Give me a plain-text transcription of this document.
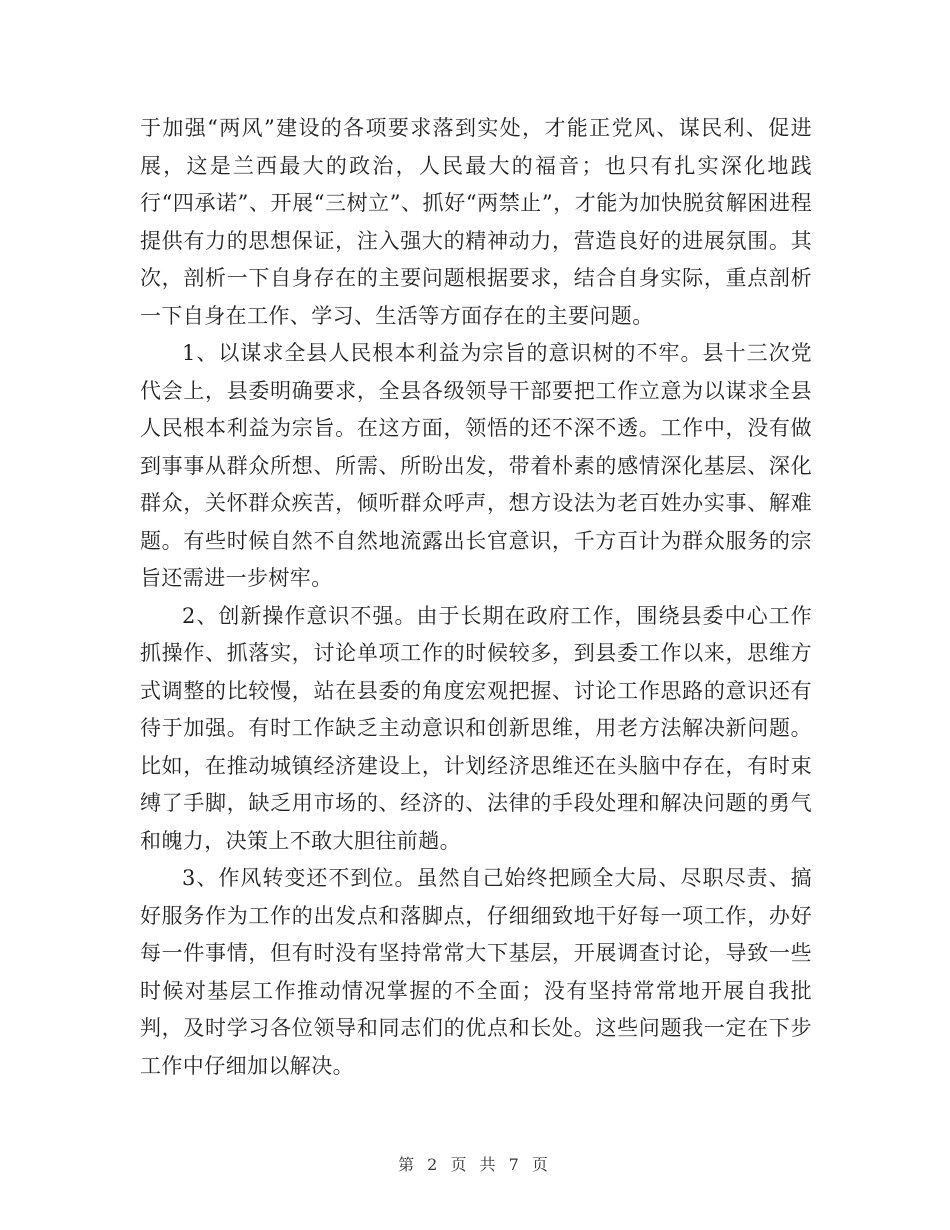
于加强“两风”建设的各项要求落到实处，才能正党风、谋民利、促进展，这是兰西最大的政治，人民最大的福音；也只有扎实深化地践行“四承诺”、开展“三树立”、抓好“两禁止”，才能为加快脱贫解困进程提供有力的思想保证，注入强大的精神动力，营造良好的进展氛围。其次，剖析一下自身存在的主要问题根据要求，结合自身实际，重点剖析一下自身在工作、学习、生活等方面存在的主要问题。

1、以谋求全县人民根本利益为宗旨的意识树的不牢。县十三次党代会上，县委明确要求，全县各级领导干部要把工作立意为以谋求全县人民根本利益为宗旨。在这方面，领悟的还不深不透。工作中，没有做到事事从群众所想、所需、所盼出发，带着朴素的感情深化基层、深化群众，关怀群众疾苦，倾听群众呼声，想方设法为老百姓办实事、解难题。有些时候自然不自然地流露出长官意识，千方百计为群众服务的宗旨还需进一步树牢。

2、创新操作意识不强。由于长期在政府工作，围绕县委中心工作抓操作、抓落实，讨论单项工作的时候较多，到县委工作以来，思维方式调整的比较慢，站在县委的角度宏观把握、讨论工作思路的意识还有待于加强。有时工作缺乏主动意识和创新思维，用老方法解决新问题。比如，在推动城镇经济建设上，计划经济思维还在头脑中存在，有时束缚了手脚，缺乏用市场的、经济的、法律的手段处理和解决问题的勇气和魄力，决策上不敢大胆往前趟。

3、作风转变还不到位。虽然自己始终把顾全大局、尽职尽责、搞好服务作为工作的出发点和落脚点，仔细细致地干好每一项工作，办好每一件事情，但有时没有坚持常常大下基层，开展调查讨论，导致一些时候对基层工作推动情况掌握的不全面；没有坚持常常地开展自我批判，及时学习各位领导和同志们的优点和长处。这些问题我一定在下步工作中仔细加以解决。

第 2 页 共 7 页
